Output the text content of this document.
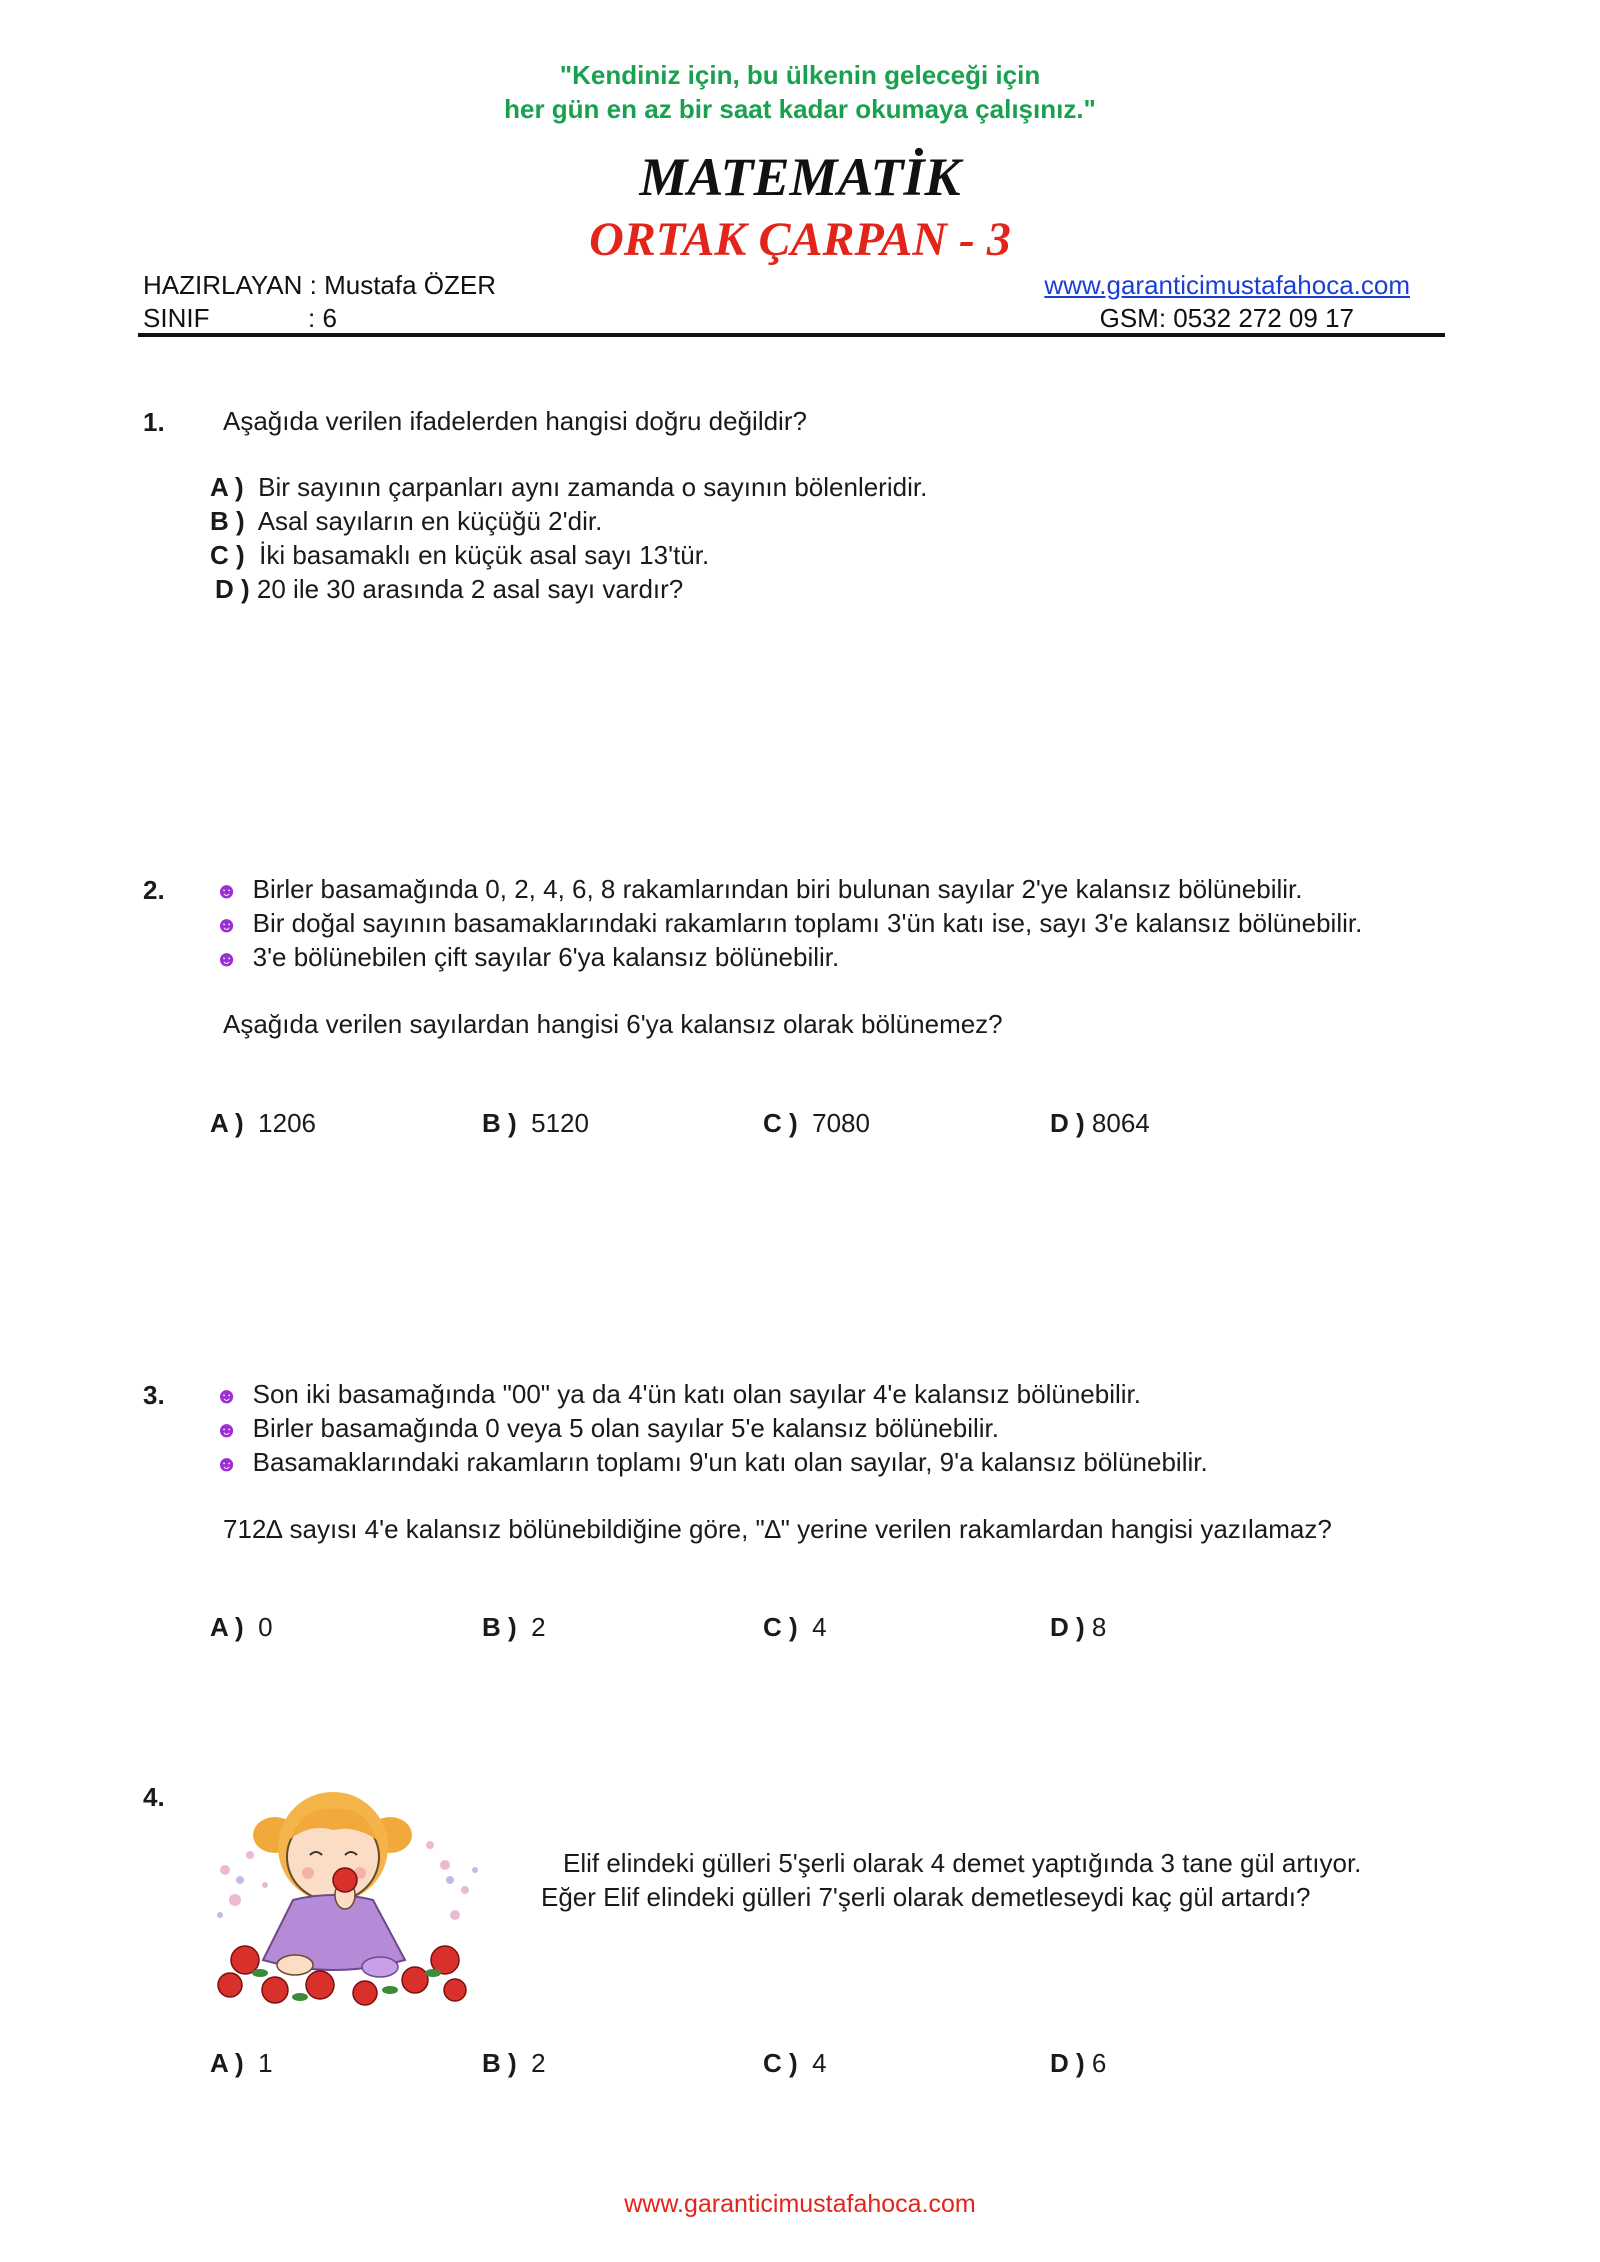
"Kendiniz için, bu ülkenin geleceği için
her gün en az bir saat kadar okumaya çalışınız."
MATEMATİK
ORTAK ÇARPAN - 3
HAZIRLAYAN : Mustafa ÖZER
SINIF	: 6
www.garanticimustafahoca.com
GSM: 0532 272 09 17
1. Aşağıda verilen ifadelerden hangisi doğru değildir?
A ) Bir sayının çarpanları aynı zamanda o sayının bölenleridir.
B ) Asal sayıların en küçüğü 2'dir.
C ) İki basamaklı en küçük asal sayı 13'tür.
D ) 20 ile 30 arasında 2 asal sayı vardır?
2. ☻ Birler basamağında 0, 2, 4, 6, 8 rakamlarından biri bulunan sayılar 2'ye kalansız bölünebilir.
☻ Bir doğal sayının basamaklarındaki rakamların toplamı 3'ün katı ise, sayı 3'e kalansız bölünebilir.
☻ 3'e bölünebilen çift sayılar 6'ya kalansız bölünebilir.
Aşağıda verilen sayılardan hangisi 6'ya kalansız olarak bölünemez?
A ) 1206	B ) 5120	C ) 7080	D ) 8064
3. ☻ Son iki basamağında "00" ya da 4'ün katı olan sayılar 4'e kalansız bölünebilir.
☻ Birler basamağında 0 veya 5 olan sayılar 5'e kalansız bölünebilir.
☻ Basamaklarındaki rakamların toplamı 9'un katı olan sayılar, 9'a kalansız bölünebilir.
712∆ sayısı 4'e kalansız bölünebildiğine göre, "∆" yerine verilen rakamlardan hangisi yazılamaz?
A ) 0	B ) 2	C ) 4	D ) 8
4.
Elif elindeki gülleri 5'şerli olarak 4 demet yaptığında 3 tane gül artıyor.
Eğer Elif elindeki gülleri 7'şerli olarak demetleseydi kaç gül artardı?
A ) 1	B ) 2	C ) 4	D ) 6
www.garanticimustafahoca.com
